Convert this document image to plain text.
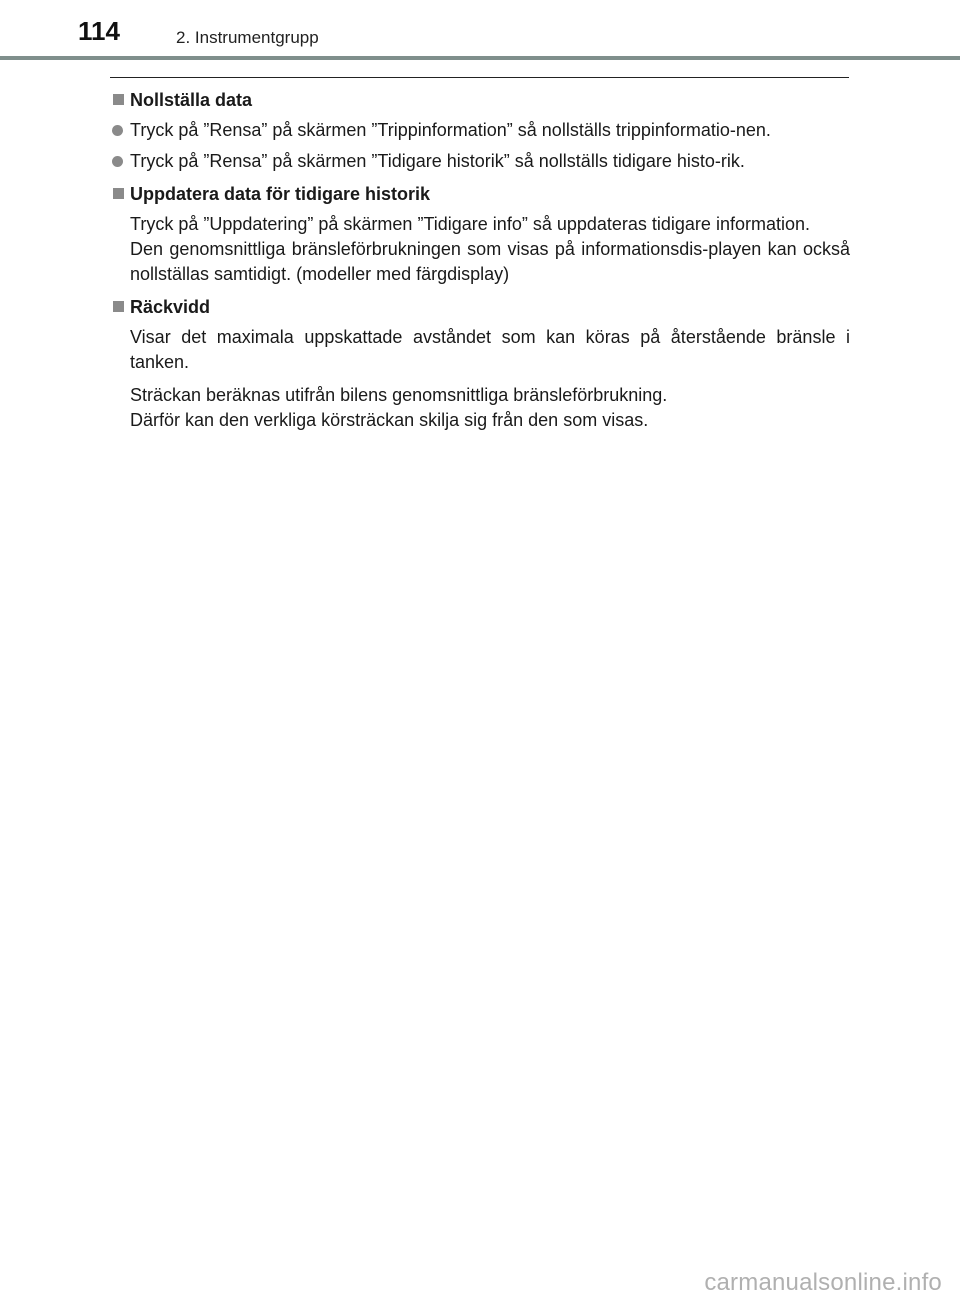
114	2. Instrumentgrupp
Nollställa data
Tryck på ”Rensa” på skärmen ”Trippinformation” så nollställs trippinformatio-nen.
Tryck på ”Rensa” på skärmen ”Tidigare historik” så nollställs tidigare histo-rik.
Uppdatera data för tidigare historik
Tryck på ”Uppdatering” på skärmen ”Tidigare info” så uppdateras tidigare information.
Den genomsnittliga bränsleförbrukningen som visas på informationsdis-playen kan också nollställas samtidigt. (modeller med färgdisplay)
Räckvidd
Visar det maximala uppskattade avståndet som kan köras på återstående bränsle i tanken.
Sträckan beräknas utifrån bilens genomsnittliga bränsleförbrukning.
Därför kan den verkliga körsträckan skilja sig från den som visas.
carmanualsonline.info
